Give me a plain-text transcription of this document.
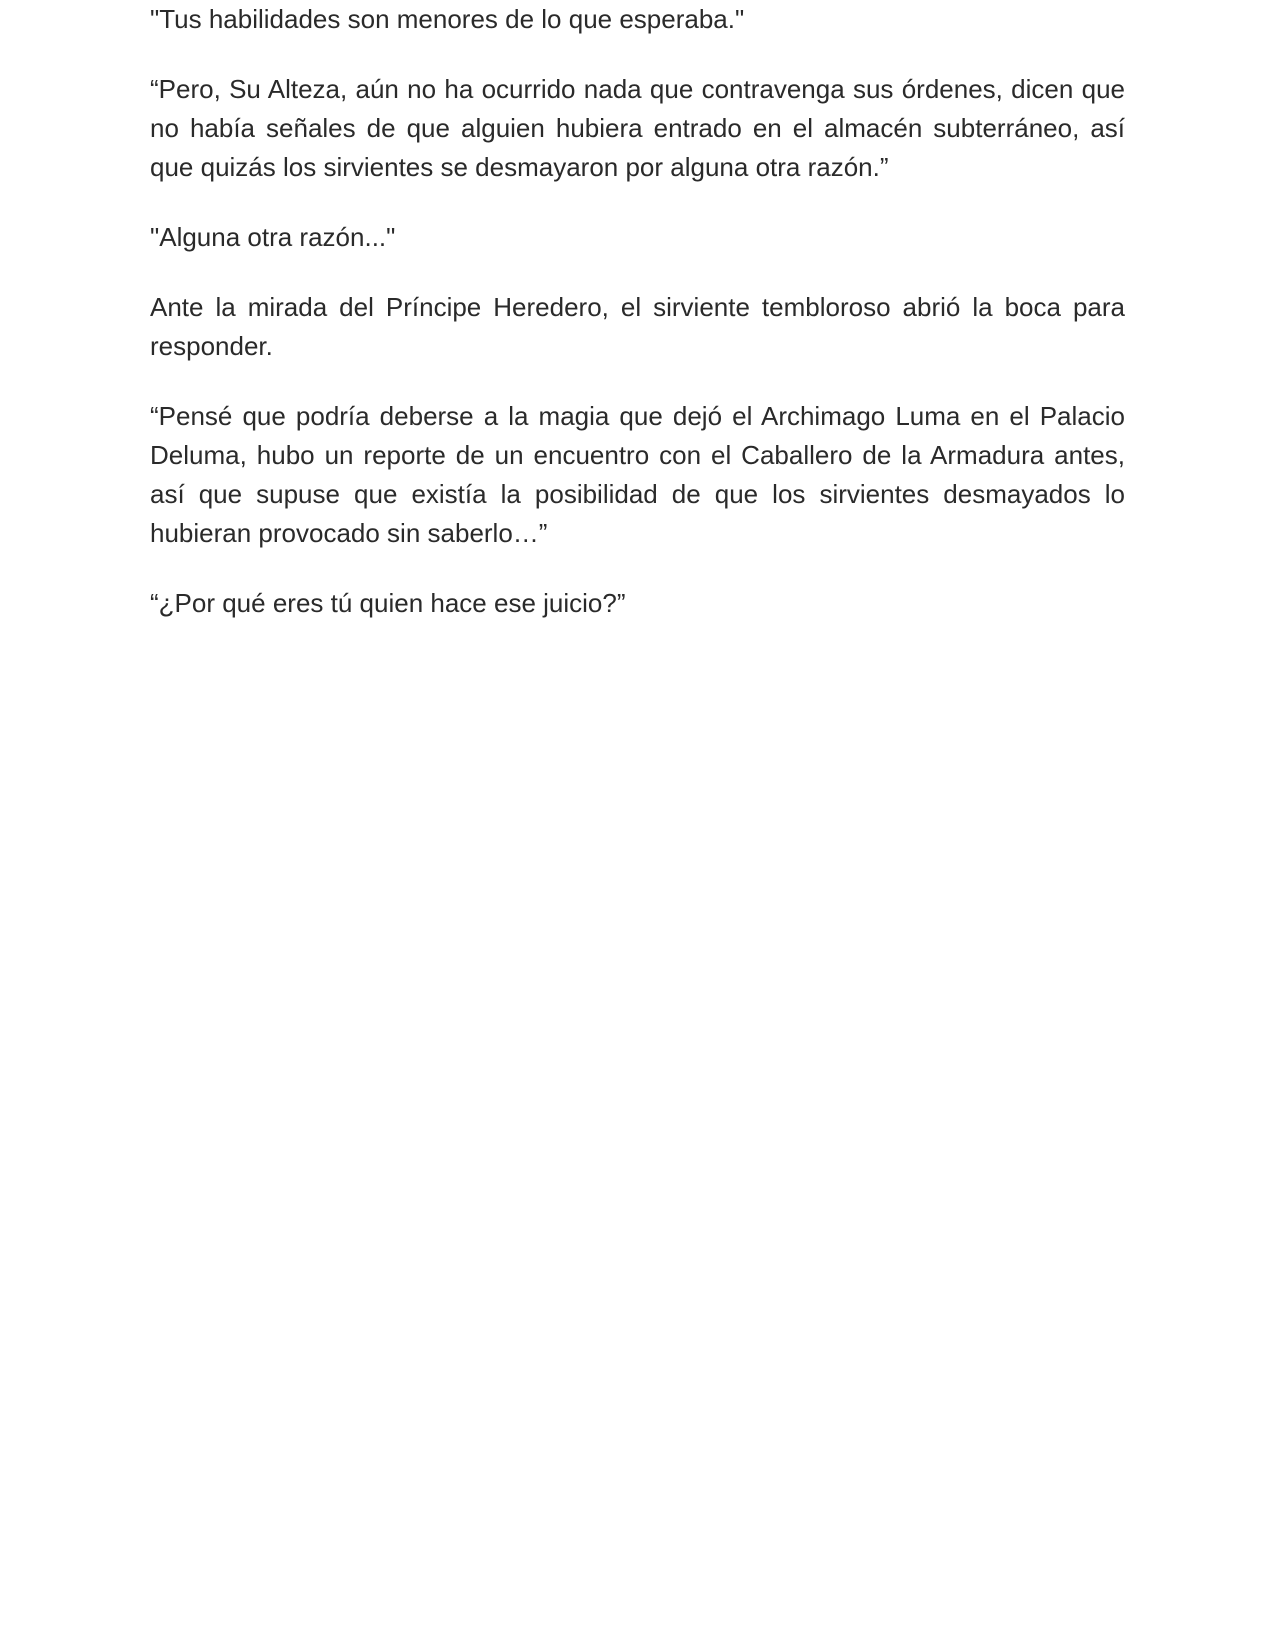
"Tus habilidades son menores de lo que esperaba."

“Pero, Su Alteza, aún no ha ocurrido nada que contravenga sus órdenes, dicen que no había señales de que alguien hubiera entrado en el almacén subterráneo, así que quizás los sirvientes se desmayaron por alguna otra razón.”

"Alguna otra razón..."

Ante la mirada del Príncipe Heredero, el sirviente tembloroso abrió la boca para responder.

“Pensé que podría deberse a la magia que dejó el Archimago Luma en el Palacio Deluma, hubo un reporte de un encuentro con el Caballero de la Armadura antes, así que supuse que existía la posibilidad de que los sirvientes desmayados lo hubieran provocado sin saberlo…”

“¿Por qué eres tú quien hace ese juicio?”
